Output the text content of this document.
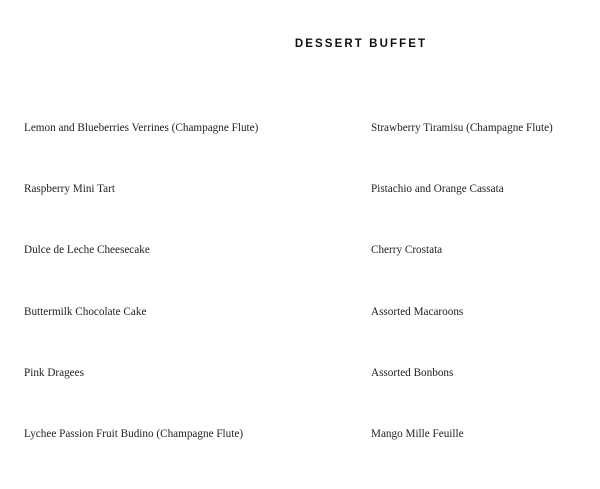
DESSERT BUFFET
Lemon and Blueberries Verrines (Champagne Flute)	Strawberry Tiramisu (Champagne Flute)
Raspberry Mini Tart	Pistachio and Orange Cassata
Dulce de Leche Cheesecake	Cherry Crostata
Buttermilk Chocolate Cake	Assorted Macaroons
Pink Dragees	Assorted Bonbons
Lychee Passion Fruit Budino (Champagne Flute)	Mango Mille Feuille
